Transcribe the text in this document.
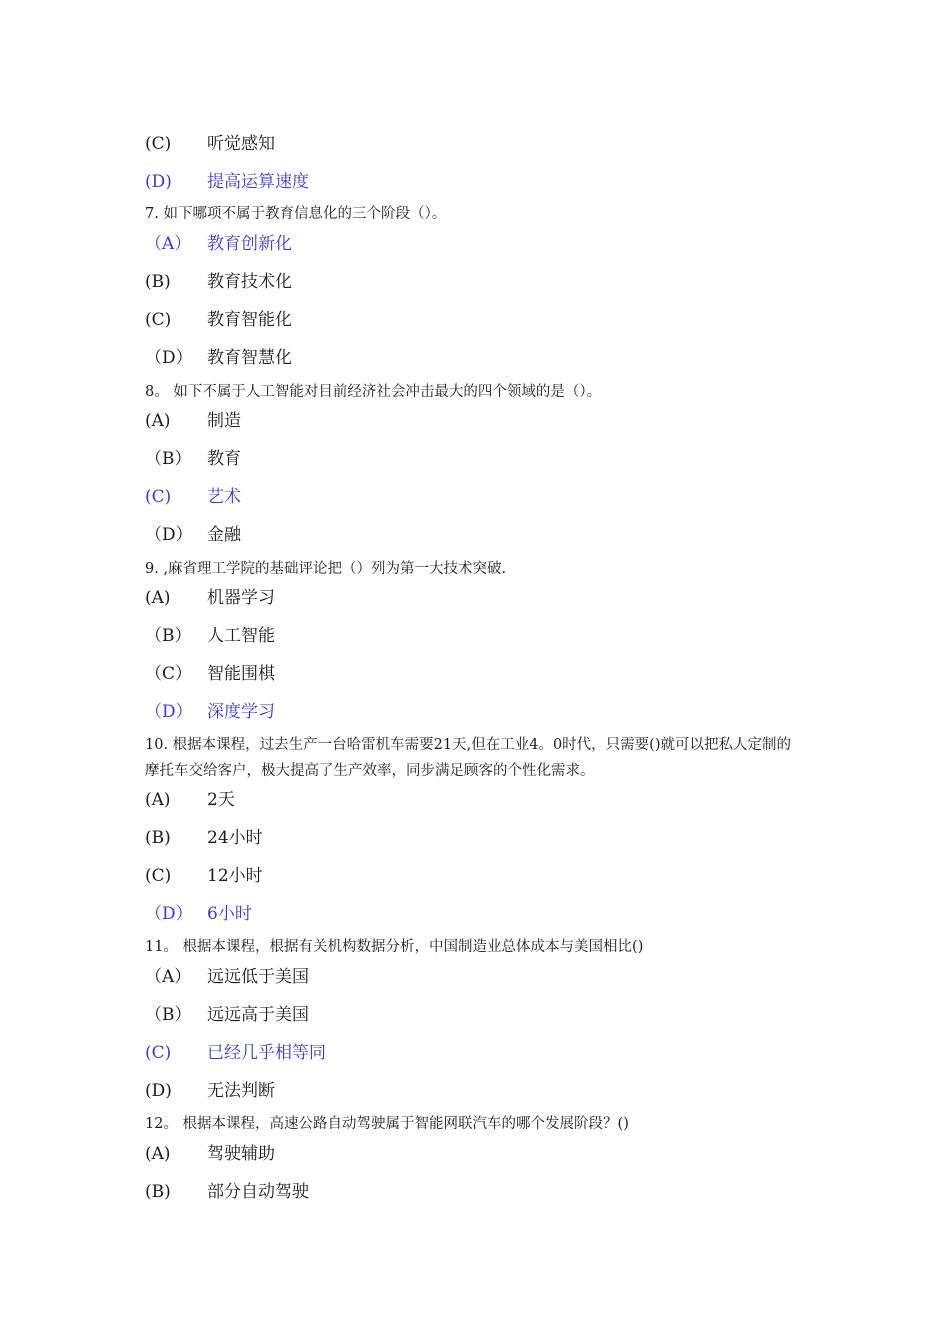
(C) 听觉感知
(D) 提高运算速度
7. 如下哪项不属于教育信息化的三个阶段（）。
（A） 教育创新化
(B) 教育技术化
(C) 教育智能化
（D） 教育智慧化
8。 如下不属于人工智能对目前经济社会冲击最大的四个领域的是（）。
(A) 制造
（B） 教育
(C) 艺术
（D） 金融
9. ,麻省理工学院的基础评论把（）列为第一大技术突破.
(A) 机器学习
（B） 人工智能
（C） 智能围棋
（D） 深度学习
10. 根据本课程，过去生产一台哈雷机车需要21天,但在工业4。0时代，只需要()就可以把私人定制的摩托车交给客户，极大提高了生产效率，同步满足顾客的个性化需求。
(A) 2天
(B) 24小时
(C) 12小时
（D） 6小时
11。 根据本课程，根据有关机构数据分析，中国制造业总体成本与美国相比()
（A） 远远低于美国
（B） 远远高于美国
(C) 已经几乎相等同
(D) 无法判断
12。 根据本课程，高速公路自动驾驶属于智能网联汽车的哪个发展阶段？()
(A) 驾驶辅助
(B) 部分自动驾驶
